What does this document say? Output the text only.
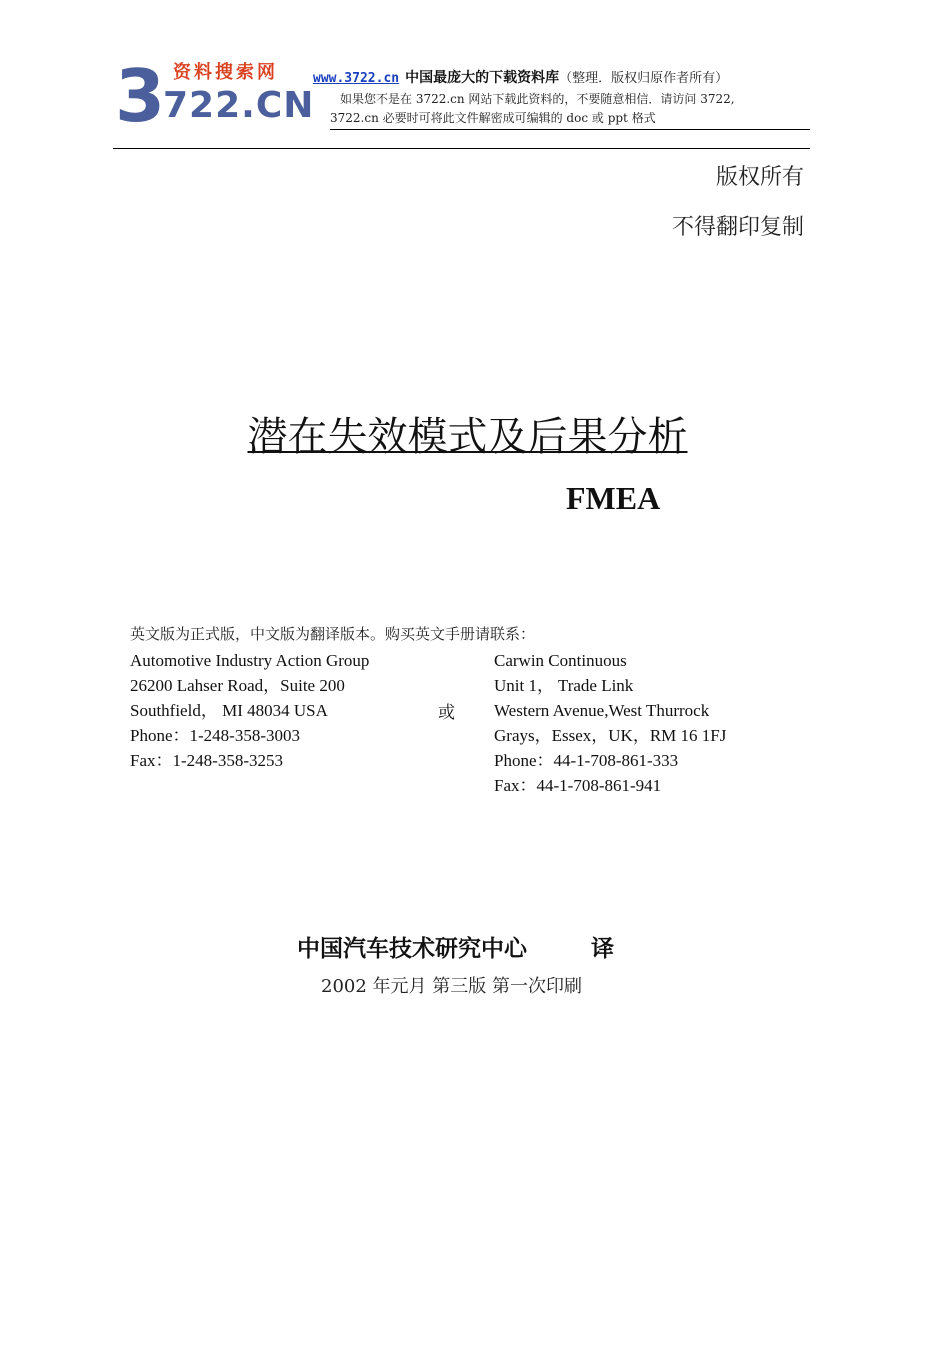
3 资料搜索网
722.CN
www.3722.cn 中国最庞大的下载资料库（整理．版权归原作者所有）
如果您不是在 3722.cn 网站下载此资料的，不要随意相信．请访问 3722,
3722.cn 必要时可将此文件解密成可编辑的 doc 或 ppt 格式
版权所有
不得翻印复制
潜在失效模式及后果分析
FMEA
英文版为正式版，中文版为翻译版本。购买英文手册请联系：
Automotive Industry Action Group
26200 Lahser Road，Suite 200
Southfield， MI 48034 USA
Phone：1-248-358-3003
Fax：1-248-358-3253
或
Carwin Continuous
Unit 1， Trade Link
Western Avenue,West Thurrock
Grays，Essex，UK，RM 16 1FJ
Phone：44-1-708-861-333
Fax：44-1-708-861-941
中国汽车技术研究中心	译
2002 年元月 第三版 第一次印刷
